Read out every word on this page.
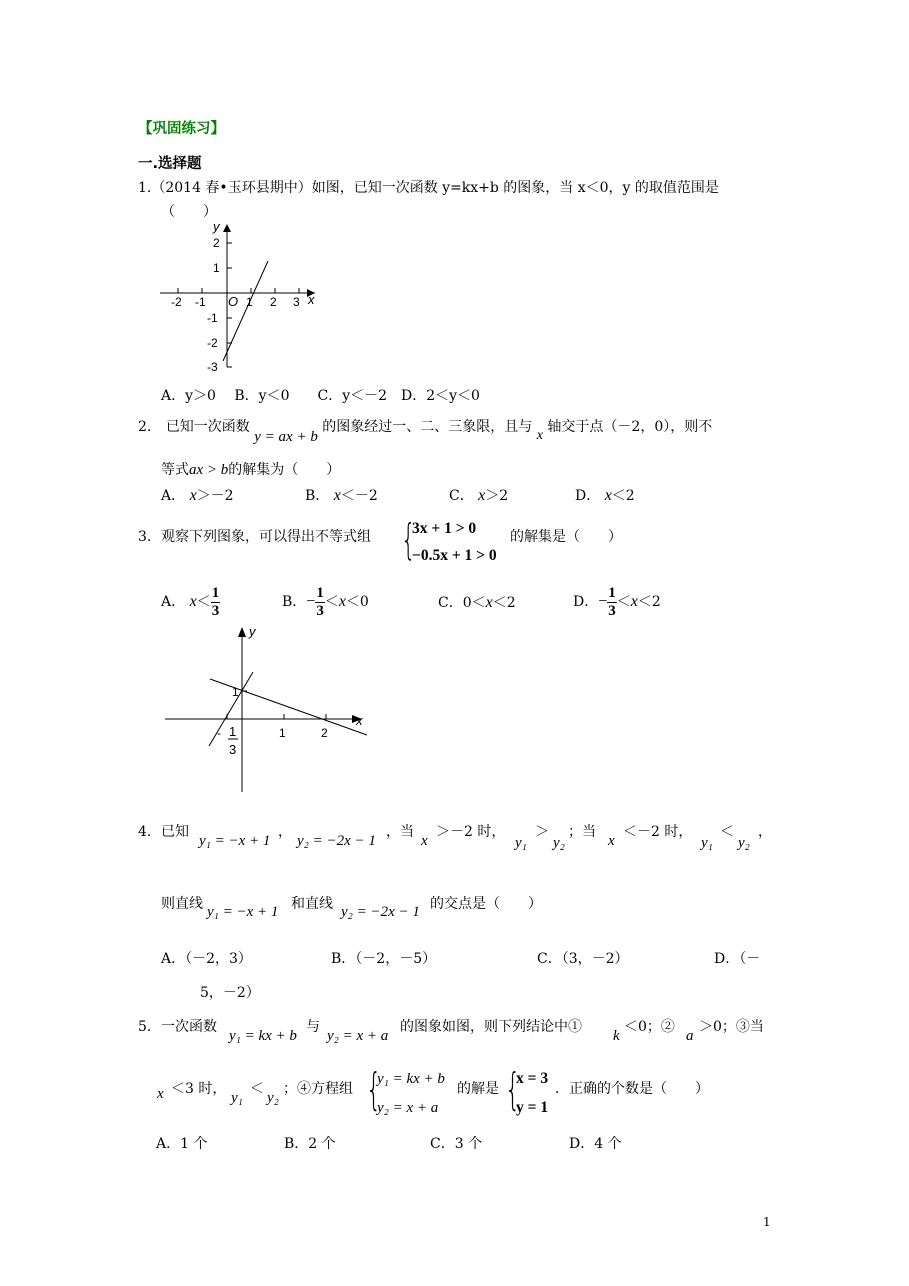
【巩固练习】
一.选择题
1.（2014 春•玉环县期中）如图，已知一次函数 y=kx+b 的图象，当 x＜0，y 的取值范围是
（　　）
-2 -1 O 1 2 3 x
2
1
-1
-2
-3
y
A．y＞0　 B．y＜0　　C．y＜－2　D．2＜y＜0
2. 已知一次函数 y = ax + b 的图象经过一、二、三象限，且与 x 轴交于点（－2，0），则不
等式ax > b的解集为（　　）
A． x＞－2	B． x＜－2	C． x＞2	D． x＜2
3. 观察下列图象，可以得出不等式组 {
3x + 1 > 0
−0.5x + 1 > 0
的解集是（　　）
A． $x< \frac{1}{3}$	B．− $\frac{1}{3} <x<0$	C．0＜x＜2	D．− $\frac{1}{3} <x<2$
1
1	2
- 1
3
x
y
4. 已知
y₁ = −x + 1
，
y₂ = −2x − 1
，当
x
＞－2 时，
y₁
＞
y₂
；当
x
＜－2 时，
y₁
＜
y₂
，
则直线 y₁ = −x + 1 和直线 y₂ = −2x − 1 的交点是（　　）
A．（－2，3）	B．（－2，－5）	C．（3，－2）	D．（－
5，－2）
5. 一次函数
y₁ = kx + b
与
y₂ = x + a
的图象如图，则下列结论中①
k
＜0；②
a
＞0；③当
x ＜3 时，
y₁
＜
y₂
；④方程组 {
y₁ = kx + b
y₂ = x + a
的解是 {
x = 3
y = 1
．正确的个数是（　　）
A．1 个	B．2 个	C．3 个	D．4 个
1
